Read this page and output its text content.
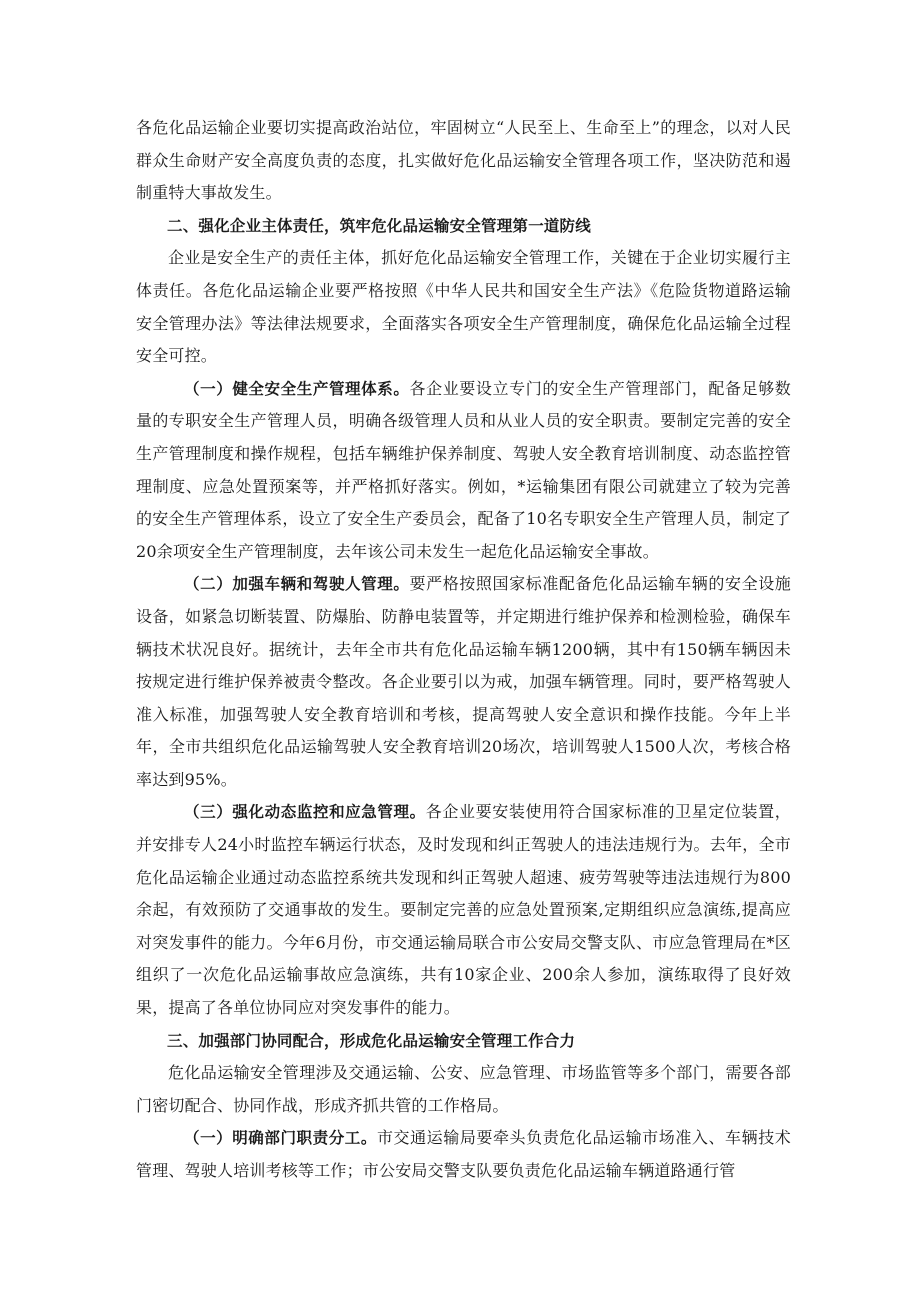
各危化品运输企业要切实提高政治站位，牢固树立“人民至上、生命至上”的理念，以对人民群众生命财产安全高度负责的态度，扎实做好危化品运输安全管理各项工作，坚决防范和遏制重特大事故发生。

二、强化企业主体责任，筑牢危化品运输安全管理第一道防线

企业是安全生产的责任主体，抓好危化品运输安全管理工作，关键在于企业切实履行主体责任。各危化品运输企业要严格按照《中华人民共和国安全生产法》《危险货物道路运输安全管理办法》等法律法规要求，全面落实各项安全生产管理制度，确保危化品运输全过程安全可控。

（一）健全安全生产管理体系。各企业要设立专门的安全生产管理部门，配备足够数量的专职安全生产管理人员，明确各级管理人员和从业人员的安全职责。要制定完善的安全生产管理制度和操作规程，包括车辆维护保养制度、驾驶人安全教育培训制度、动态监控管理制度、应急处置预案等，并严格抓好落实。例如，*运输集团有限公司就建立了较为完善的安全生产管理体系，设立了安全生产委员会，配备了10名专职安全生产管理人员，制定了20余项安全生产管理制度，去年该公司未发生一起危化品运输安全事故。

（二）加强车辆和驾驶人管理。要严格按照国家标准配备危化品运输车辆的安全设施设备，如紧急切断装置、防爆胎、防静电装置等，并定期进行维护保养和检测检验，确保车辆技术状况良好。据统计，去年全市共有危化品运输车辆1200辆，其中有150辆车辆因未按规定进行维护保养被责令整改。各企业要引以为戒，加强车辆管理。同时，要严格驾驶人准入标准，加强驾驶人安全教育培训和考核，提高驾驶人安全意识和操作技能。今年上半年，全市共组织危化品运输驾驶人安全教育培训20场次，培训驾驶人1500人次，考核合格率达到95%。

（三）强化动态监控和应急管理。各企业要安装使用符合国家标准的卫星定位装置，并安排专人24小时监控车辆运行状态，及时发现和纠正驾驶人的违法违规行为。去年，全市危化品运输企业通过动态监控系统共发现和纠正驾驶人超速、疲劳驾驶等违法违规行为800余起，有效预防了交通事故的发生。要制定完善的应急处置预案,定期组织应急演练,提高应对突发事件的能力。今年6月份，市交通运输局联合市公安局交警支队、市应急管理局在*区组织了一次危化品运输事故应急演练，共有10家企业、200余人参加，演练取得了良好效果，提高了各单位协同应对突发事件的能力。

三、加强部门协同配合，形成危化品运输安全管理工作合力

危化品运输安全管理涉及交通运输、公安、应急管理、市场监管等多个部门，需要各部门密切配合、协同作战，形成齐抓共管的工作格局。

（一）明确部门职责分工。市交通运输局要牵头负责危化品运输市场准入、车辆技术管理、驾驶人培训考核等工作；市公安局交警支队要负责危化品运输车辆道路通行管
